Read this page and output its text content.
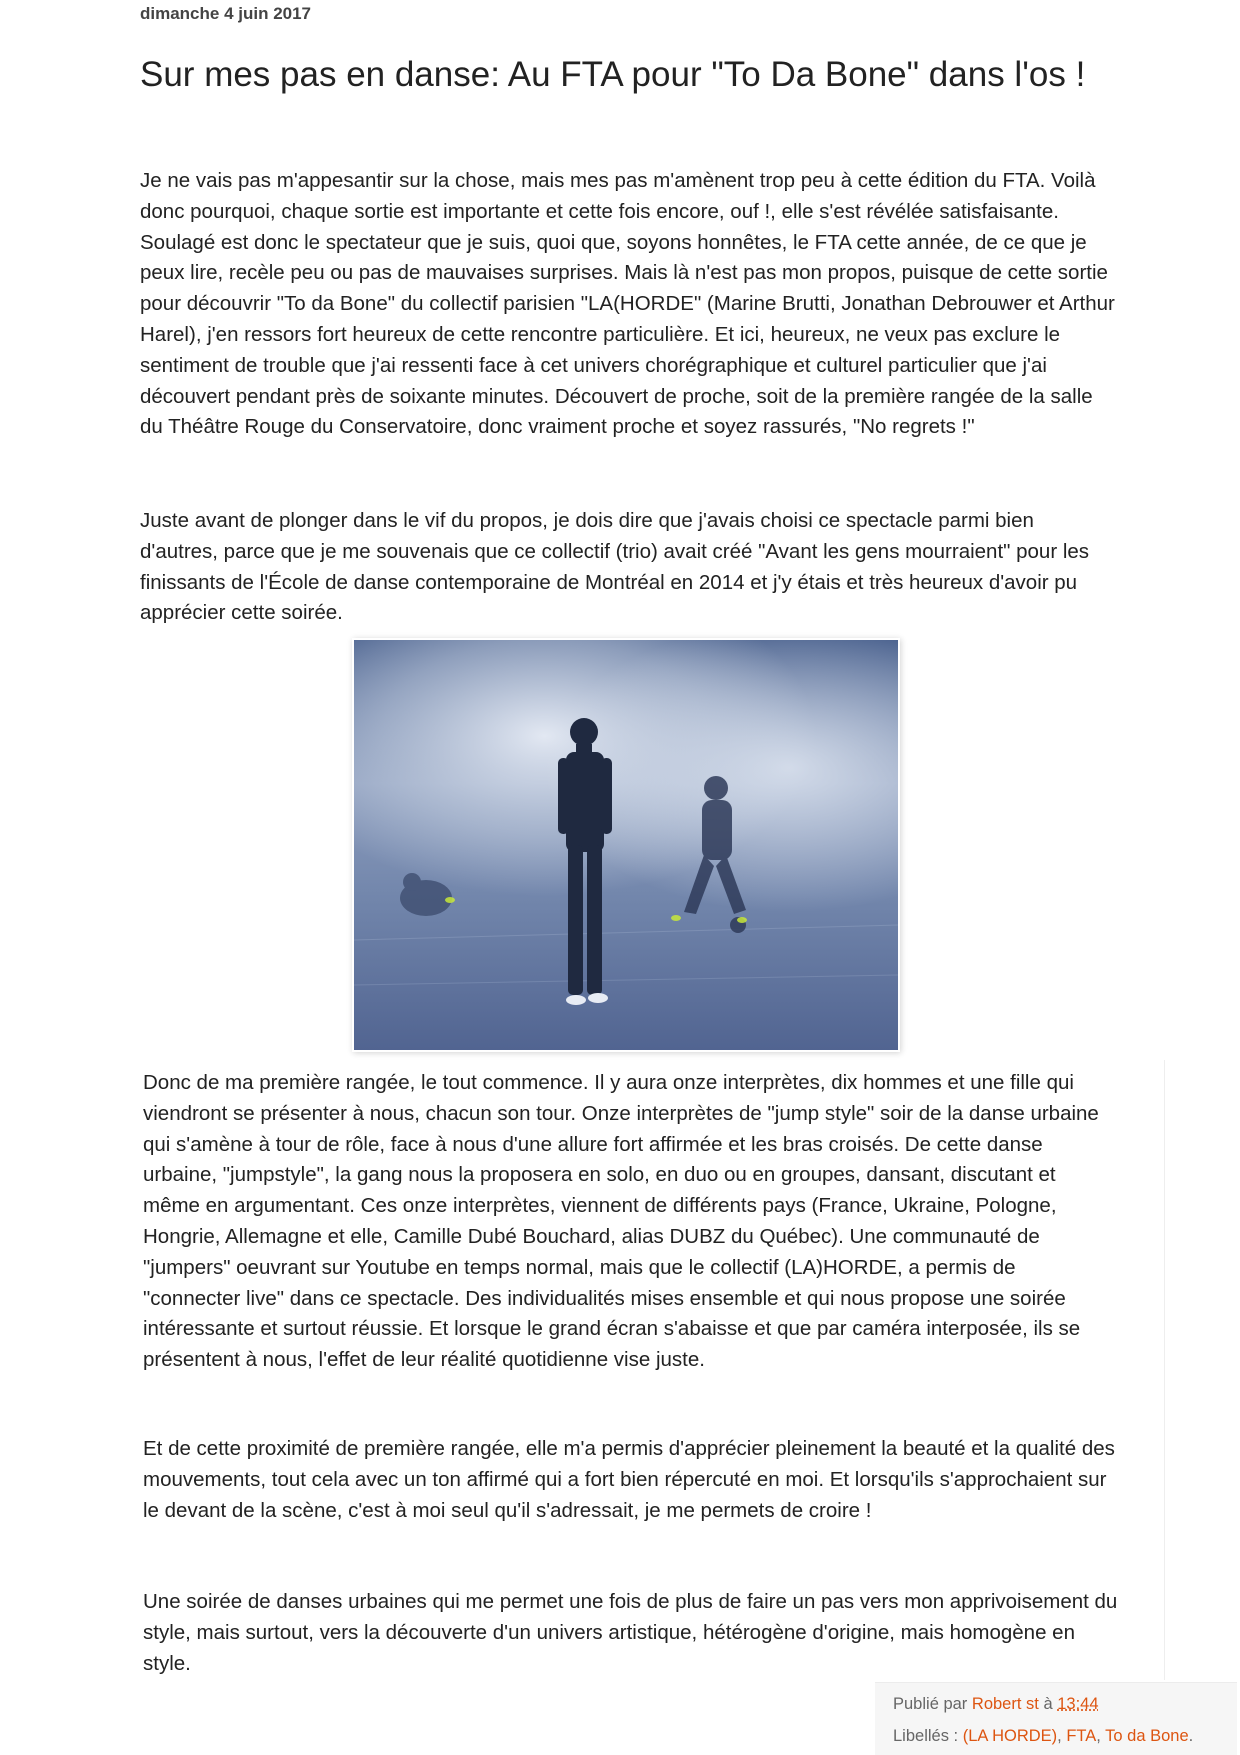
dimanche 4 juin 2017
Sur mes pas en danse: Au FTA pour "To Da Bone" dans l'os !

Je ne vais pas m'appesantir sur la chose, mais mes pas m'amènent trop peu à cette édition du FTA. Voilà donc pourquoi, chaque sortie est importante et cette fois encore, ouf !, elle s'est révélée satisfaisante. Soulagé est donc le spectateur que je suis, quoi que, soyons honnêtes, le FTA cette année, de ce que je peux lire, recèle peu ou pas de mauvaises surprises. Mais là n'est pas mon propos, puisque de cette sortie pour découvrir "To da Bone" du collectif parisien "LA(HORDE" (Marine Brutti, Jonathan Debrouwer et Arthur Harel), j'en ressors fort heureux de cette rencontre particulière. Et ici, heureux, ne veux pas exclure le sentiment de trouble que j'ai ressenti face à cet univers chorégraphique et culturel particulier que j'ai découvert pendant près de soixante minutes. Découvert de proche, soit de la première rangée de la salle du Théâtre Rouge du Conservatoire, donc vraiment proche et soyez rassurés, "No regrets !"

Juste avant de plonger dans le vif du propos, je dois dire que j'avais choisi ce spectacle parmi bien d'autres, parce que je me souvenais que ce collectif (trio) avait créé "Avant les gens mourraient" pour les finissants de l'École de danse contemporaine de Montréal en 2014 et j'y étais et très heureux d'avoir pu apprécier cette soirée.

Donc de ma première rangée, le tout commence. Il y aura onze interprètes, dix hommes et une fille qui viendront se présenter à nous, chacun son tour. Onze interprètes de "jump style" soir de la danse urbaine qui s'amène à tour de rôle, face à nous d'une allure fort affirmée et les bras croisés. De cette danse urbaine, "jumpstyle", la gang nous la proposera en solo, en duo ou en groupes, dansant, discutant et même en argumentant. Ces onze interprètes, viennent de différents pays (France, Ukraine, Pologne, Hongrie, Allemagne et elle, Camille Dubé Bouchard, alias DUBZ du Québec). Une communauté de "jumpers" oeuvrant sur Youtube en temps normal, mais que le collectif (LA)HORDE, a permis de "connecter live" dans ce spectacle. Des individualités mises ensemble et qui nous propose une soirée intéressante et surtout réussie. Et lorsque le grand écran s'abaisse et que par caméra interposée, ils se présentent à nous, l'effet de leur réalité quotidienne vise juste.

Et de cette proximité de première rangée, elle m'a permis d'apprécier pleinement la beauté et la qualité des mouvements, tout cela avec un ton affirmé qui a fort bien répercuté en moi. Et lorsqu'ils s'approchaient sur le devant de la scène, c'est à moi seul qu'il s'adressait, je me permets de croire !

Une soirée de danses urbaines qui me permet une fois de plus de faire un pas vers mon apprivoisement du style, mais surtout, vers la découverte d'un univers artistique, hétérogène d'origine, mais homogène en style.

Publié par Robert st à 13:44
Libellés : (LA HORDE), FTA, To da Bone.
